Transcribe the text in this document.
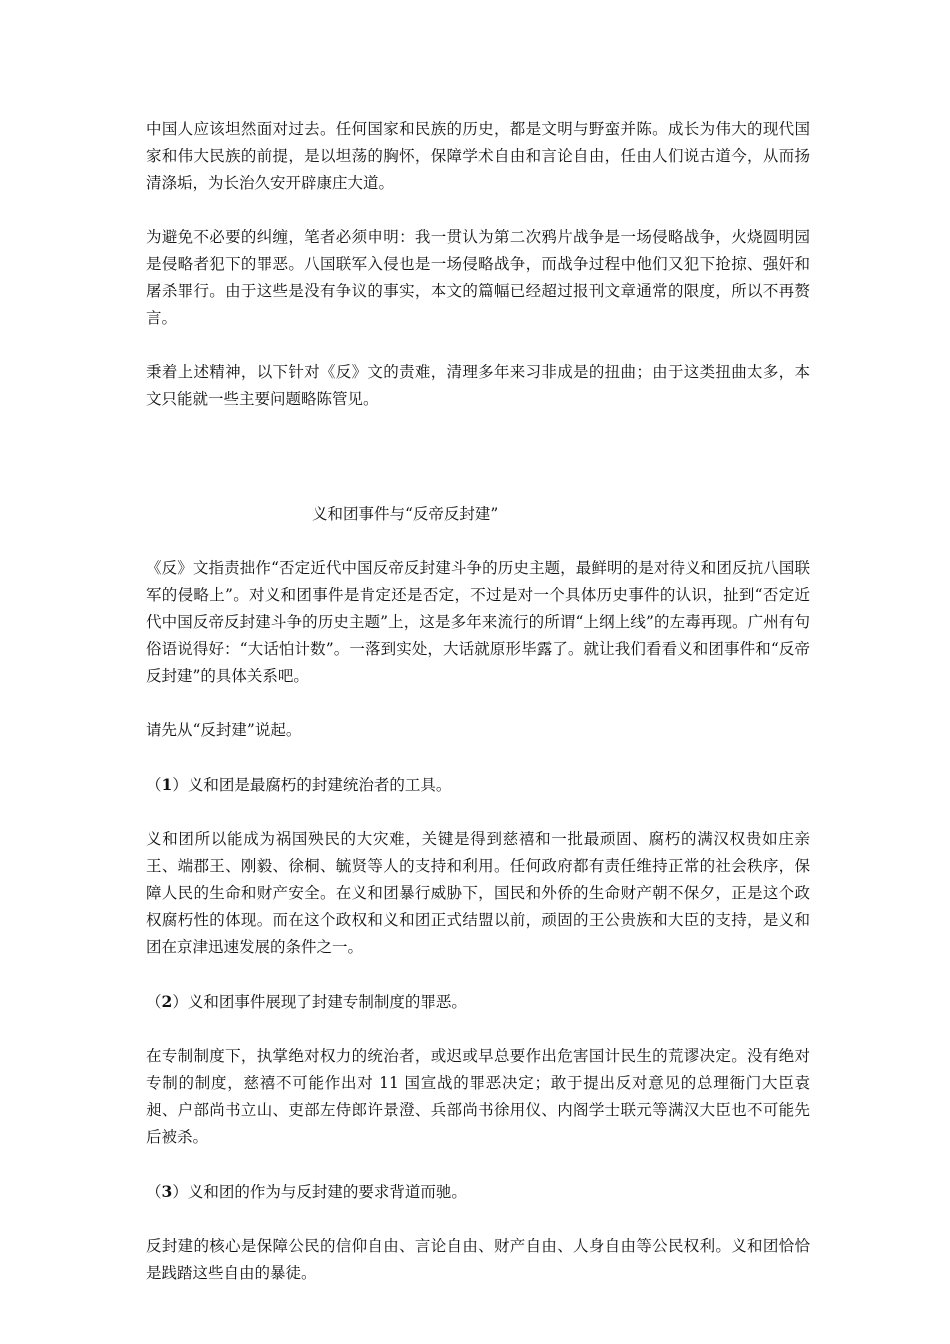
中国人应该坦然面对过去。任何国家和民族的历史，都是文明与野蛮并陈。成长为伟大的现代国家和伟大民族的前提，是以坦荡的胸怀，保障学术自由和言论自由，任由人们说古道今，从而扬清涤垢，为长治久安开辟康庄大道。

为避免不必要的纠缠，笔者必须申明：我一贯认为第二次鸦片战争是一场侵略战争，火烧圆明园是侵略者犯下的罪恶。八国联军入侵也是一场侵略战争，而战争过程中他们又犯下抢掠、强奸和屠杀罪行。由于这些是没有争议的事实，本文的篇幅已经超过报刊文章通常的限度，所以不再赘言。

秉着上述精神，以下针对《反》文的责难，清理多年来习非成是的扭曲；由于这类扭曲太多，本文只能就一些主要问题略陈管见。

义和团事件与“反帝反封建”

《反》文指责拙作“否定近代中国反帝反封建斗争的历史主题，最鲜明的是对待义和团反抗八国联军的侵略上”。对义和团事件是肯定还是否定，不过是对一个具体历史事件的认识，扯到“否定近代中国反帝反封建斗争的历史主题”上，这是多年来流行的所谓“上纲上线”的左毒再现。广州有句俗语说得好：“大话怕计数”。一落到实处，大话就原形毕露了。就让我们看看义和团事件和“反帝反封建”的具体关系吧。

请先从“反封建”说起。

（1）义和团是最腐朽的封建统治者的工具。

义和团所以能成为祸国殃民的大灾难，关键是得到慈禧和一批最顽固、腐朽的满汉权贵如庄亲王、端郡王、刚毅、徐桐、毓贤等人的支持和利用。任何政府都有责任维持正常的社会秩序，保障人民的生命和财产安全。在义和团暴行威胁下，国民和外侨的生命财产朝不保夕，正是这个政权腐朽性的体现。而在这个政权和义和团正式结盟以前，顽固的王公贵族和大臣的支持，是义和团在京津迅速发展的条件之一。

（2）义和团事件展现了封建专制制度的罪恶。

在专制制度下，执掌绝对权力的统治者，或迟或早总要作出危害国计民生的荒谬决定。没有绝对专制的制度，慈禧不可能作出对 11 国宣战的罪恶决定；敢于提出反对意见的总理衙门大臣袁昶、户部尚书立山、吏部左侍郎许景澄、兵部尚书徐用仪、内阁学士联元等满汉大臣也不可能先后被杀。

（3）义和团的作为与反封建的要求背道而驰。

反封建的核心是保障公民的信仰自由、言论自由、财产自由、人身自由等公民权利。义和团恰恰是践踏这些自由的暴徒。
